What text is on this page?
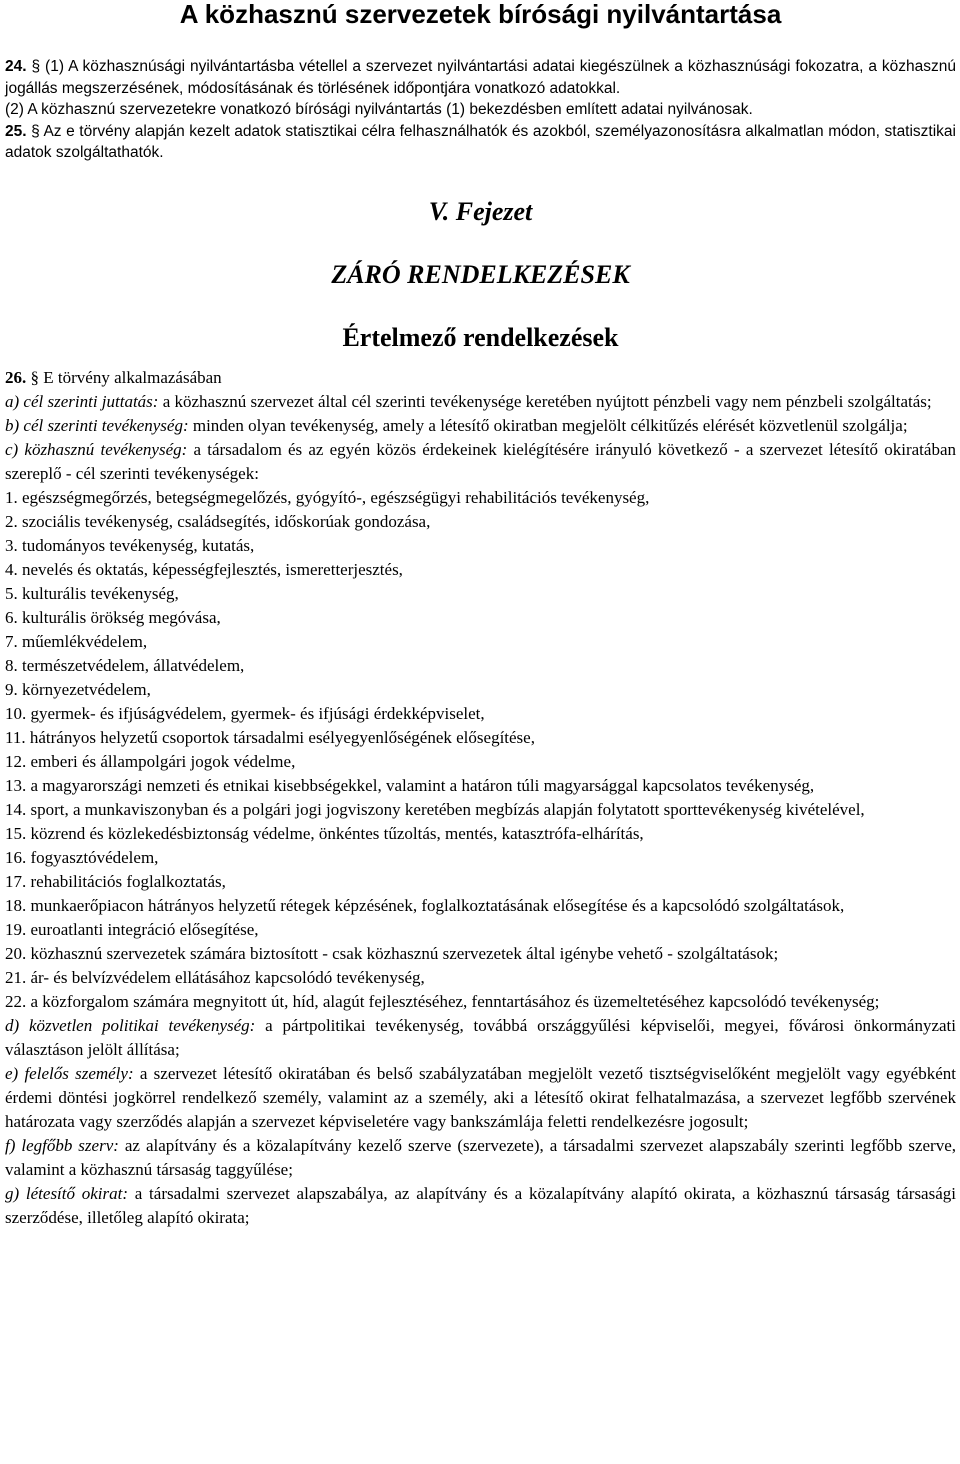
A közhasznú szervezetek bírósági nyilvántartása

24. § (1) A közhasznúsági nyilvántartásba vétellel a szervezet nyilvántartási adatai kiegészülnek a közhasznúsági fokozatra, a közhasznú jogállás megszerzésének, módosításának és törlésének időpontjára vonatkozó adatokkal.

(2) A közhasznú szervezetekre vonatkozó bírósági nyilvántartás (1) bekezdésben említett adatai nyilvánosak.

25. § Az e törvény alapján kezelt adatok statisztikai célra felhasználhatók és azokból, személyazonosításra alkalmatlan módon, statisztikai adatok szolgáltathatók.

V. Fejezet
ZÁRÓ RENDELKEZÉSEK
Értelmező rendelkezések

26. § E törvény alkalmazásában

a) cél szerinti juttatás: a közhasznú szervezet által cél szerinti tevékenysége keretében nyújtott pénzbeli vagy nem pénzbeli szolgáltatás;

b) cél szerinti tevékenység: minden olyan tevékenység, amely a létesítő okiratban megjelölt célkitűzés elérését közvetlenül szolgálja;

c) közhasznú tevékenység: a társadalom és az egyén közös érdekeinek kielégítésére irányuló következő - a szervezet létesítő okiratában szereplő - cél szerinti tevékenységek:

1. egészségmegőrzés, betegségmegelőzés, gyógyító-, egészségügyi rehabilitációs tevékenység,

2. szociális tevékenység, családsegítés, időskorúak gondozása,

3. tudományos tevékenység, kutatás,

4. nevelés és oktatás, képességfejlesztés, ismeretterjesztés,

5. kulturális tevékenység,

6. kulturális örökség megóvása,

7. műemlékvédelem,

8. természetvédelem, állatvédelem,

9. környezetvédelem,

10. gyermek- és ifjúságvédelem, gyermek- és ifjúsági érdekképviselet,

11. hátrányos helyzetű csoportok társadalmi esélyegyenlőségének elősegítése,

12. emberi és állampolgári jogok védelme,

13. a magyarországi nemzeti és etnikai kisebbségekkel, valamint a határon túli magyarsággal kapcsolatos tevékenység,

14. sport, a munkaviszonyban és a polgári jogi jogviszony keretében megbízás alapján folytatott sporttevékenység kivételével,

15. közrend és közlekedésbiztonság védelme, önkéntes tűzoltás, mentés, katasztrófa-elhárítás,

16. fogyasztóvédelem,

17. rehabilitációs foglalkoztatás,

18. munkaerőpiacon hátrányos helyzetű rétegek képzésének, foglalkoztatásának elősegítése és a kapcsolódó szolgáltatások,

19. euroatlanti integráció elősegítése,

20. közhasznú szervezetek számára biztosított - csak közhasznú szervezetek által igénybe vehető - szolgáltatások;

21. ár- és belvízvédelem ellátásához kapcsolódó tevékenység,

22. a közforgalom számára megnyitott út, híd, alagút fejlesztéséhez, fenntartásához és üzemeltetéséhez kapcsolódó tevékenység;

d) közvetlen politikai tevékenység: a pártpolitikai tevékenység, továbbá országgyűlési képviselői, megyei, fővárosi önkormányzati választáson jelölt állítása;

e) felelős személy: a szervezet létesítő okiratában és belső szabályzatában megjelölt vezető tisztségviselőként megjelölt vagy egyébként érdemi döntési jogkörrel rendelkező személy, valamint az a személy, aki a létesítő okirat felhatalmazása, a szervezet legfőbb szervének határozata vagy szerződés alapján a szervezet képviseletére vagy bankszámlája feletti rendelkezésre jogosult;

f) legfőbb szerv: az alapítvány és a közalapítvány kezelő szerve (szervezete), a társadalmi szervezet alapszabály szerinti legfőbb szerve, valamint a közhasznú társaság taggyűlése;

g) létesítő okirat: a társadalmi szervezet alapszabálya, az alapítvány és a közalapítvány alapító okirata, a közhasznú társaság társasági szerződése, illetőleg alapító okirata;
